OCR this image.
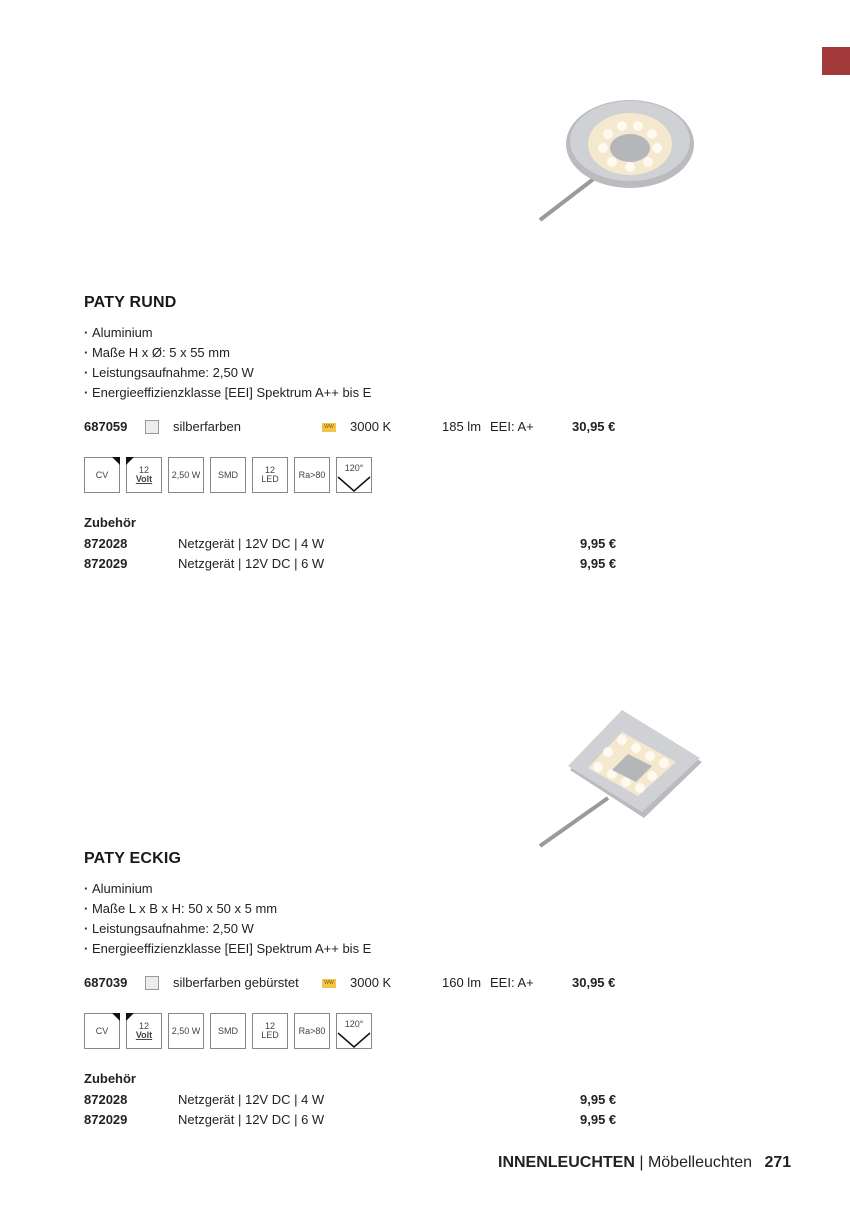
PATY RUND
· Aluminium
· Maße H x Ø: 5 x 55 mm
· Leistungsaufnahme: 2,50 W
· Energieeffizienzklasse [EEI] Spektrum A++ bis E
687059	silberfarben	WW 3000 K	185 lm EEI: A+	30,95 €
CV	12
Volt	2,50 W	SMD	12
LED	Ra>80
120°
Zubehör
872028	Netzgerät | 12V DC | 4 W	9,95 €
872029	Netzgerät | 12V DC | 6 W	9,95 €
PATY ECKIG
· Aluminium
· Maße L x B x H: 50 x 50 x 5 mm
· Leistungsaufnahme: 2,50 W
· Energieeffizienzklasse [EEI] Spektrum A++ bis E
687039	silberfarben gebürstet	WW 3000 K	160 lm EEI: A+	30,95 €
CV	12
Volt	2,50 W	SMD	12
LED	Ra>80
120°
Zubehör
872028	Netzgerät | 12V DC | 4 W	9,95 €
872029	Netzgerät | 12V DC | 6 W	9,95 €
INNENLEUCHTEN | Möbelleuchten 271
